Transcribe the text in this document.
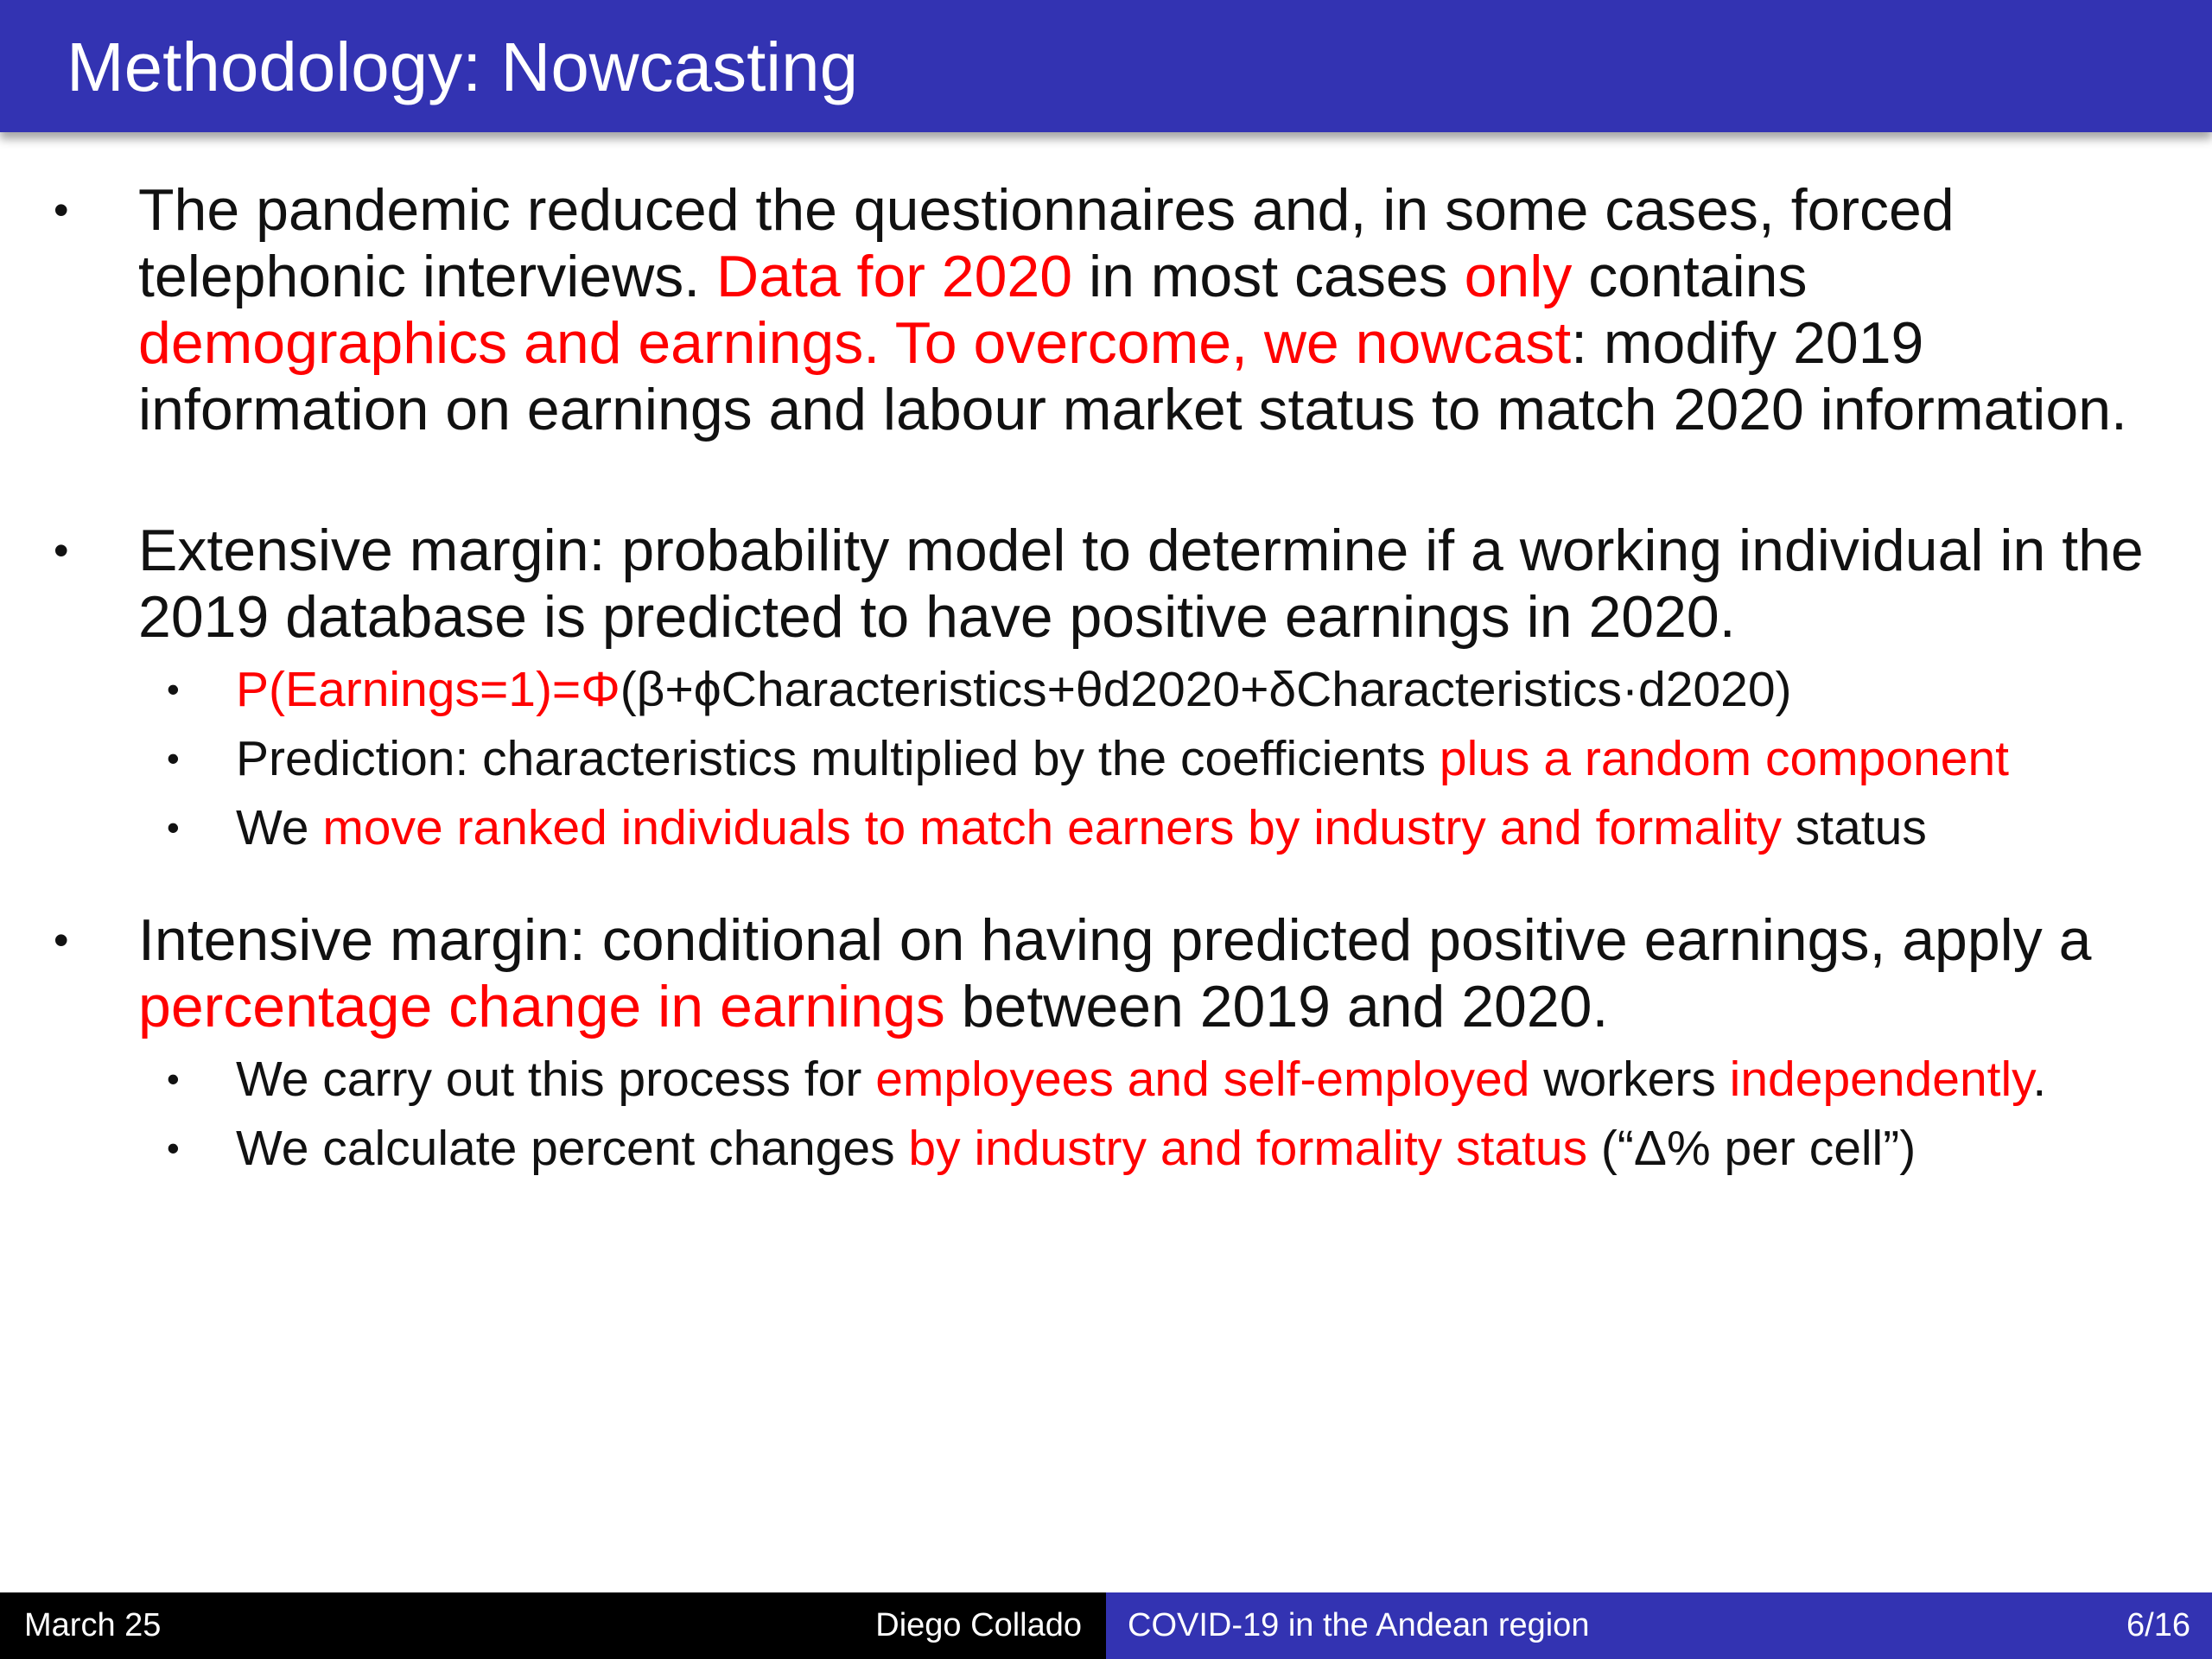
Methodology: Nowcasting
• The pandemic reduced the questionnaires and, in some cases, forced telephonic interviews. Data for 2020 in most cases only contains demographics and earnings. To overcome, we nowcast: modify 2019 information on earnings and labour market status to match 2020 information.
• Extensive margin: probability model to determine if a working individual in the 2019 database is predicted to have positive earnings in 2020.
• P(Earnings=1)=Φ(β+ϕCharacteristics+θd2020+δCharacteristics·d2020)
• Prediction: characteristics multiplied by the coefficients plus a random component
• We move ranked individuals to match earners by industry and formality status
• Intensive margin: conditional on having predicted positive earnings, apply a percentage change in earnings between 2019 and 2020.
• We carry out this process for employees and self-employed workers independently.
• We calculate percent changes by industry and formality status (“Δ% per cell”)
March 25	Diego Collado COVID-19 in the Andean region	6/16
